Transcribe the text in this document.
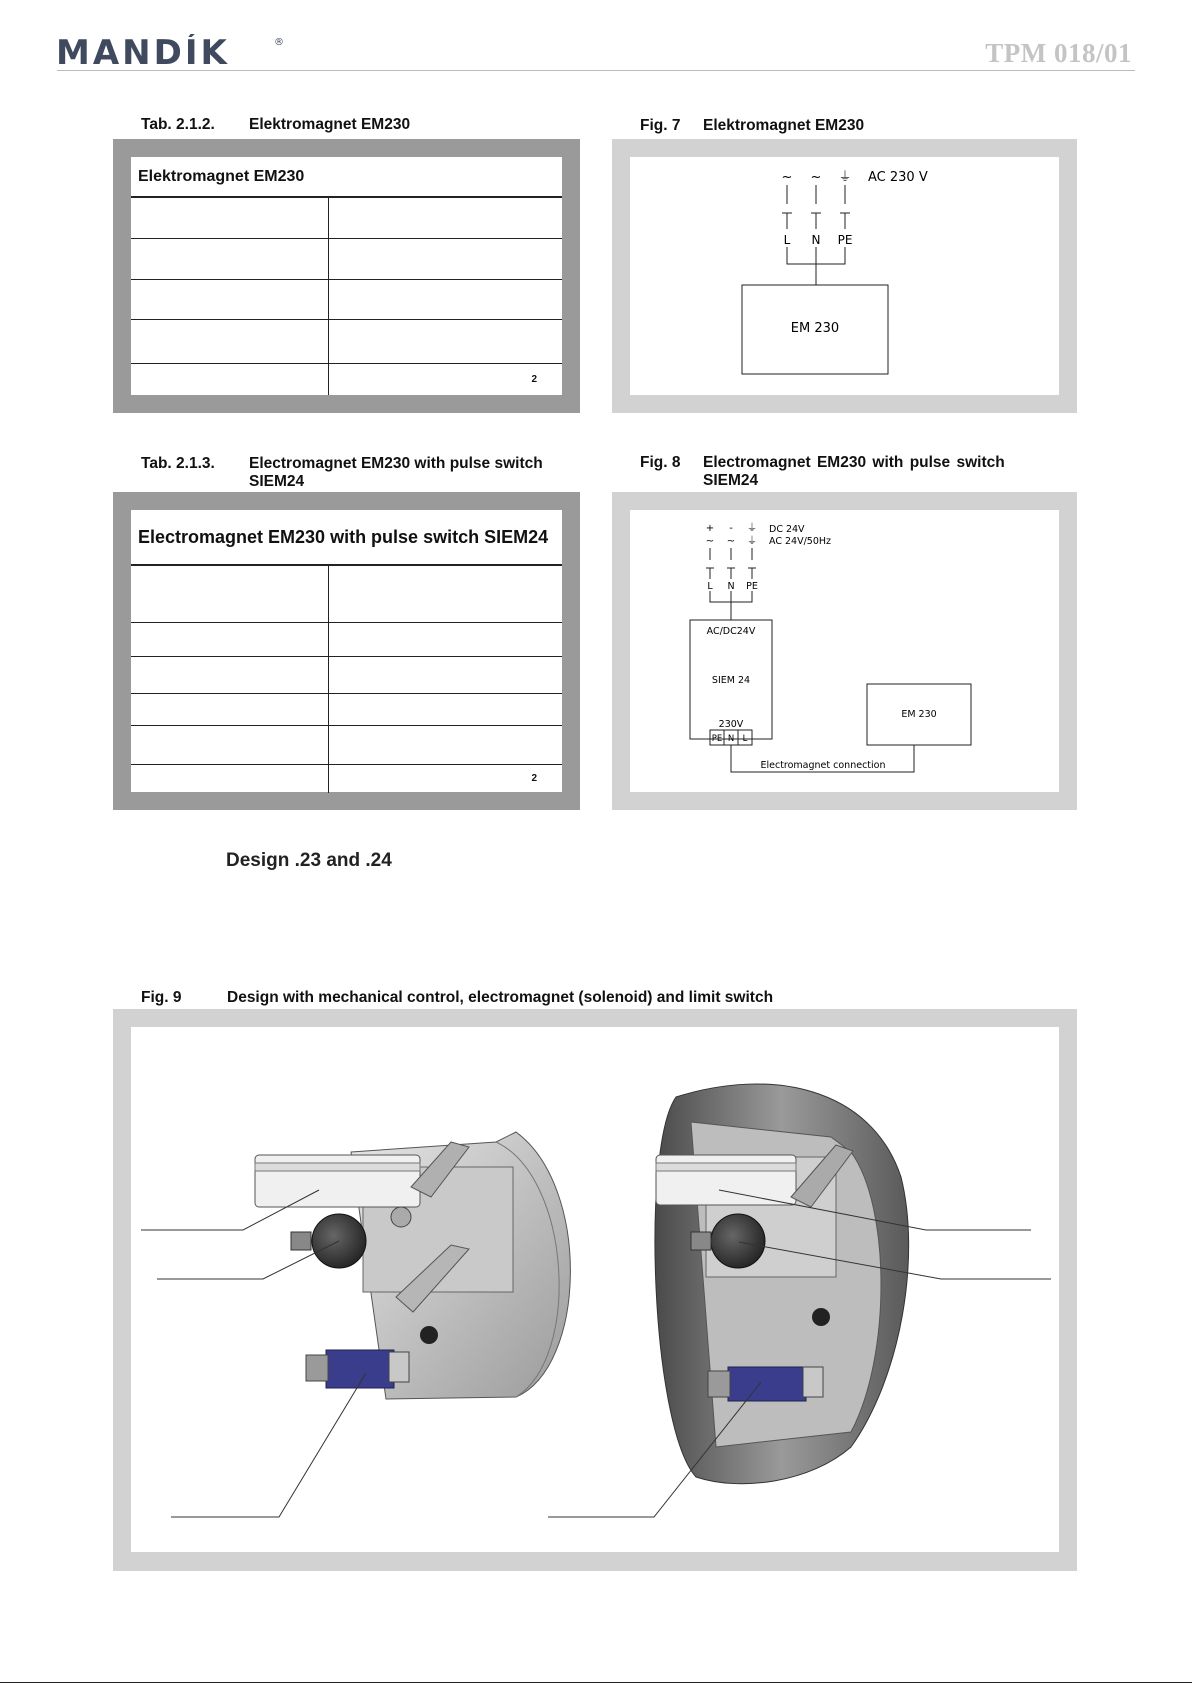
MANDÍK	®	TPM 018/01
Tab. 2.1.2. Elektromagnet EM230
Elektromagnet EM230

	2
Fig. 7 Elektromagnet EM230
~ ~ ⏚ AC 230 V
L N PE
EM 230
Tab. 2.1.3. Electromagnet EM230 with pulse switch
SIEM24
Electromagnet EM230 with pulse switch SIEM24

	2
Fig. 8 Electromagnet EM230 with pulse switch
SIEM24
+ - ⏚
~ ~ ⏚
DC 24V
AC 24V/50Hz
L N PE
AC/DC24V
SIEM 24
230V
PE N L
EM 230
Electromagnet connection
Design .23 and .24
Fig. 9	Design with mechanical control, electromagnet (solenoid) and limit switch
